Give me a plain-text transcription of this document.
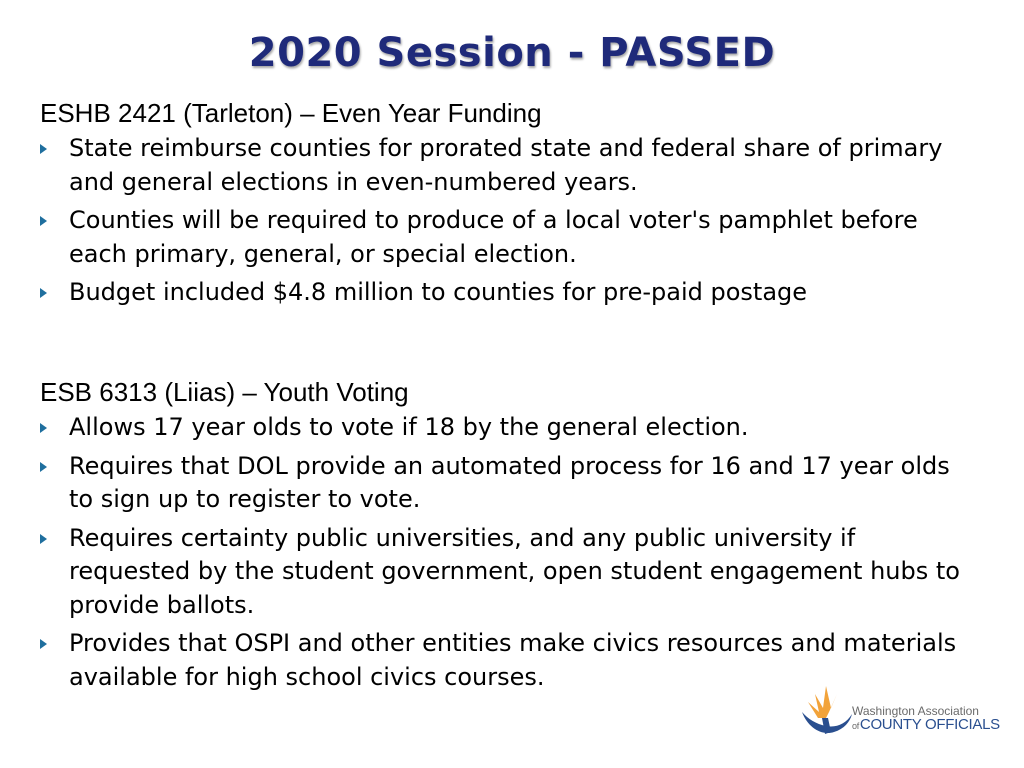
2020 Session - PASSED
ESHB 2421 (Tarleton) – Even Year Funding
State reimburse counties for prorated state and federal share of primary and general elections in even-numbered years.
Counties will be required to produce of a local voter's pamphlet before each primary, general, or special election.
Budget included $4.8 million to counties for pre-paid postage
ESB 6313 (Liias) – Youth Voting
Allows 17 year olds to vote if 18 by the general election.
Requires that DOL provide an automated process for 16 and 17 year olds to sign up to register to vote.
Requires certainty public universities, and any public university if requested by the student government, open student engagement hubs to provide ballots.
Provides that OSPI and other entities make civics resources and materials available for high school civics courses.
Washington Association
ofCOUNTY OFFICIALS
